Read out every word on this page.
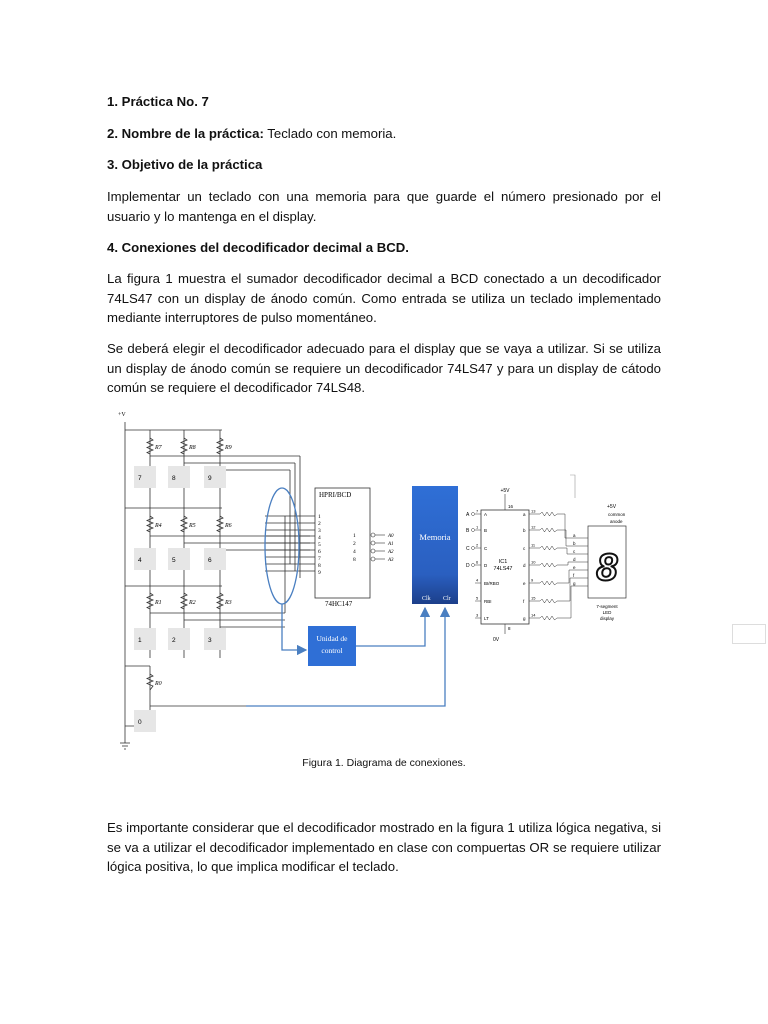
1. Práctica No. 7

2. Nombre de la práctica: Teclado con memoria.

3. Objetivo de la práctica

Implementar un teclado con una memoria para que guarde el número presionado por el usuario y lo mantenga en el display.

4. Conexiones del decodificador decimal a BCD.

La figura 1 muestra el sumador decodificador decimal a BCD conectado a un decodificador 74LS47 con un display de ánodo común. Como entrada se utiliza un teclado implementado mediante interruptores de pulso momentáneo.

Se deberá elegir el decodificador adecuado para el display que se vaya a utilizar. Si se utiliza un display de ánodo común se requiere un decodificador 74LS47 y para un display de cátodo común se requiere el decodificador 74LS48.

R7
7
R8
8
R9
9
R4
4
R5
5
R6
6
R1
1
R2
2
R3
3
R0
0
HPRI/BCD
74HC147
1
2
3
4
5
6
7
8
9
1	A0
2	A1
4	A2
8	A3
Memoria
Clk Clr
Unidad de
control
+5V
16
IC1
74LS47
8
0V
A
7
A
B
1
B
C
2
C
D
6
D
4
BI/RBO
5
RBI
3
LT
a
13
a
b
12
b
c
11
c
d
10	d
e
9
e
f
15
f
g
14
g
+5V
common
anode
8
7-segment
LED
display
+V
Figura 1. Diagrama de conexiones.

Es importante considerar que el decodificador mostrado en la figura 1 utiliza lógica negativa, si se va a utilizar el decodificador implementado en clase con compuertas OR se requiere utilizar lógica positiva, lo que implica modificar el teclado.
